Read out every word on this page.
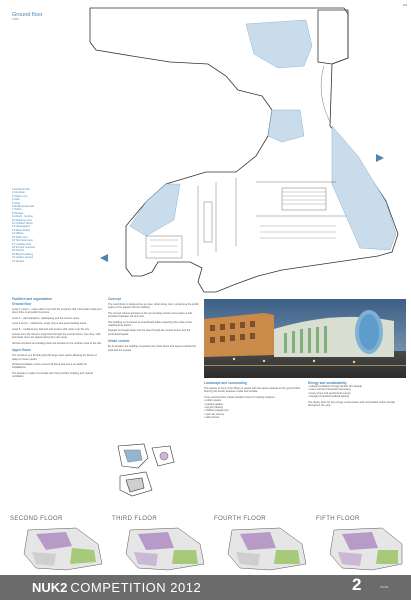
2/3
Ground floor
1:500
1 Entrance hall
2 Info desk
3 Cloak room
4 Café
5 Shop
6 Multipurpose hall
7 Toilets
8 Storage
9 Library - lending
10 Reading room
11 Children library
12 Newspapers
13 Music library
14 Offices
15 Staff room
16 Technical room
17 Loading dock
18 Service entrance
19 Archive
20 Bicycle parking
21 Garden access
22 Terrace
Facilities and organization
Ground floor
Level 1 (main) – main public zone with the entrance hall, information desk and direct links to all public functions.
Level 2 – administration, cataloguing and the service spine.
Level 3 and 4 – collections, study rooms and quiet reading areas.
Level 5 – multipurpose hall and roof terrace with views over the city.
Access from the street is organized through the central atrium; the shop, café and cloak room are placed along the main route.
Service entrance and loading dock are located on the northern side of the site.
Upper floors
The structure is a flexible grid with large open spans allowing the library to adapt to future needs.
Vertical circulation cores connect all floors and serve as shafts for installations.
The façade is made of a double skin that provides shading and natural ventilation.
Concept
The new library is designed as an open urban living room, continuing the public space of the square into the building.
The curved volume answers to the surrounding streets and creates a soft transition between old and new.
The building is conceived as a landmark while respecting the scale of the neighbouring blocks.
Daylight is brought deep into the plan through the central atrium and the perforated façade.
Urban context
By its location the building completes the urban block and opens towards the park and the square.
Landscape and surrounding
The square in front of the library is paved with the same material as the ground floor, blurring the border between inside and outside.
Trees and benches create shaded zones for reading outdoors.
• public square
• reading garden
• bicycle parking
• children playground
• open air cinema
• café terrace
Energy and sustainability
• natural ventilation through double skin façade
• green roof and rainwater harvesting
• heat pumps and geothermal energy
• daylight controlled artificial lighting
The library aims for low energy consumption and comfortable indoor climate throughout the year.
SECOND FLOOR	THIRD FLOOR	FOURTH FLOOR	FIFTH FLOOR
NUK2 COMPETITION 2012	2	78245
